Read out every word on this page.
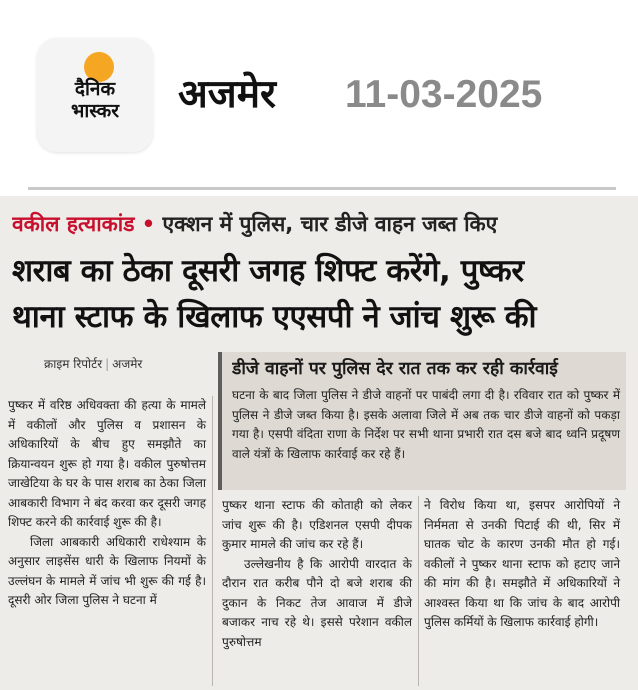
दैनिक
भास्कर	अजमेर 11-03-2025
वकील हत्याकांड • एक्शन में पुलिस, चार डीजे वाहन जब्त किए
शराब का ठेका दूसरी जगह शिफ्ट करेंगे, पुष्कर
थाना स्टाफ के खिलाफ एएसपी ने जांच शुरू की
क्राइम रिपोर्टर | अजमेर	डीजे वाहनों पर पुलिस देर रात तक कर रही कार्रवाई
घटना के बाद जिला पुलिस ने डीजे वाहनों पर पाबंदी लगा दी है। रविवार रात को पुष्कर में पुलिस ने डीजे जब्त किया है। इसके अलावा जिले में अब तक चार डीजे वाहनों को पकड़ा गया है। एसपी वंदिता राणा के निर्देश पर सभी थाना प्रभारी रात दस बजे बाद ध्वनि प्रदूषण वाले यंत्रों के खिलाफ कार्रवाई कर रहे हैं।

पुष्कर में वरिष्ठ अधिवक्ता की हत्या के मामले में वकीलों और पुलिस व प्रशासन के अधिकारियों के बीच हुए समझौते का क्रियान्वयन शुरू हो गया है। वकील पुरुषोत्तम जाखेटिया के घर के पास शराब का ठेका जिला आबकारी विभाग ने बंद करवा कर दूसरी जगह शिफ्ट करने की कार्रवाई शुरू की है।

जिला आबकारी अधिकारी राधेश्याम के अनुसार लाइसेंस धारी के खिलाफ नियमों के उल्लंघन के मामले में जांच भी शुरू की गई है। दूसरी ओर जिला पुलिस ने घटना में

पुष्कर थाना स्टाफ की कोताही को लेकर जांच शुरू की है। एडिशनल एसपी दीपक कुमार मामले की जांच कर रहे हैं।

उल्लेखनीय है कि आरोपी वारदात के दौरान रात करीब पौने दो बजे शराब की दुकान के निकट तेज आवाज में डीजे बजाकर नाच रहे थे। इससे परेशान वकील पुरुषोत्तम

ने विरोध किया था, इसपर आरोपियों ने निर्ममता से उनकी पिटाई की थी, सिर में घातक चोट के कारण उनकी मौत हो गई। वकीलों ने पुष्कर थाना स्टाफ को हटाए जाने की मांग की है। समझौते में अधिकारियों ने आश्वस्त किया था कि जांच के बाद आरोपी पुलिस कर्मियों के खिलाफ कार्रवाई होगी।
